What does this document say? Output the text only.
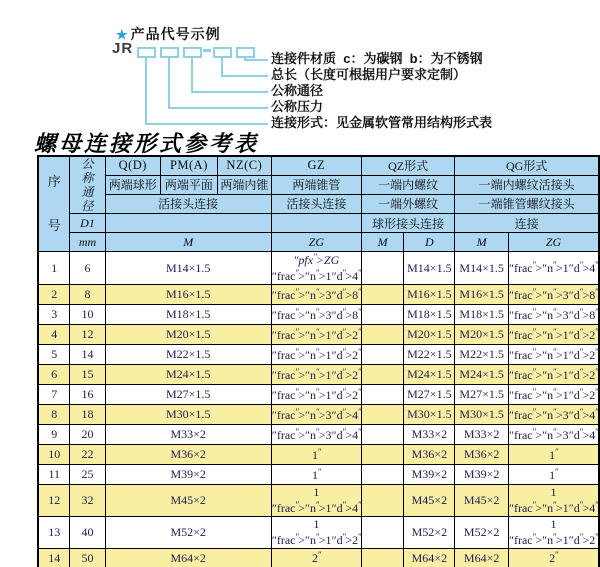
★ 产品代号示例
JR
连接件材质  c：为碳钢  b：为不锈钢
总长（长度可根据用户要求定制）
公称通径
公称压力
连接形式：见金属软管常用结构形式表
螺母连接形式参考表
序
号	公
称
通
径	Q(D)	PM(A)	NZ(C)	GZ	QZ形式		QG形式	
		两端球形	两端平面	两端内锥	两端锥管	一端内螺纹		一端内螺纹活接头	
		活接头连接			活接头连接	一端外螺纹		一端锥管螺纹接头	
	D1					球形接头连接		连接	
	mm	M			ZG	M	D	M	ZG
1	6	M14×1.5			″pfx″>ZG ″frac″>″n″>1″d″>4″		M14×1.5	M14×1.5	″frac″>″n″>1″d″>4″
2	8	M16×1.5			″frac″>″n″>3″d″>8″		M16×1.5	M16×1.5	″frac″>″n″>3″d″>8″
3	10	M18×1.5			″frac″>″n″>3″d″>8″		M18×1.5	M18×1.5	″frac″>″n″>3″d″>8″
4	12	M20×1.5			″frac″>″n″>1″d″>2″		M20×1.5	M20×1.5	″frac″>″n″>1″d″>2″
5	14	M22×1.5			″frac″>″n″>1″d″>2″		M22×1.5	M22×1.5	″frac″>″n″>1″d″>2″
6	15	M24×1.5			″frac″>″n″>1″d″>2″		M24×1.5	M24×1.5	″frac″>″n″>1″d″>2″
7	16	M27×1.5			″frac″>″n″>1″d″>2″		M27×1.5	M27×1.5	″frac″>″n″>1″d″>2″
8	18	M30×1.5			″frac″>″n″>3″d″>4″		M30×1.5	M30×1.5	″frac″>″n″>3″d″>4″
9	20	M33×2			″frac″>″n″>3″d″>4″		M33×2	M33×2	″frac″>″n″>3″d″>4″
10	22	M36×2			1″		M36×2	M36×2	1″
11	25	M39×2			1″		M39×2	M39×2	1″
12	32	M45×2			1 ″frac″>″n″>1″d″>4″		M45×2	M45×2	1 ″frac″>″n″>1″d″>4″
13	40	M52×2			1 ″frac″>″n″>1″d″>2″		M52×2	M52×2	1 ″frac″>″n″>1″d″>2″
14	50	M64×2			2″		M64×2	M64×2	2″
